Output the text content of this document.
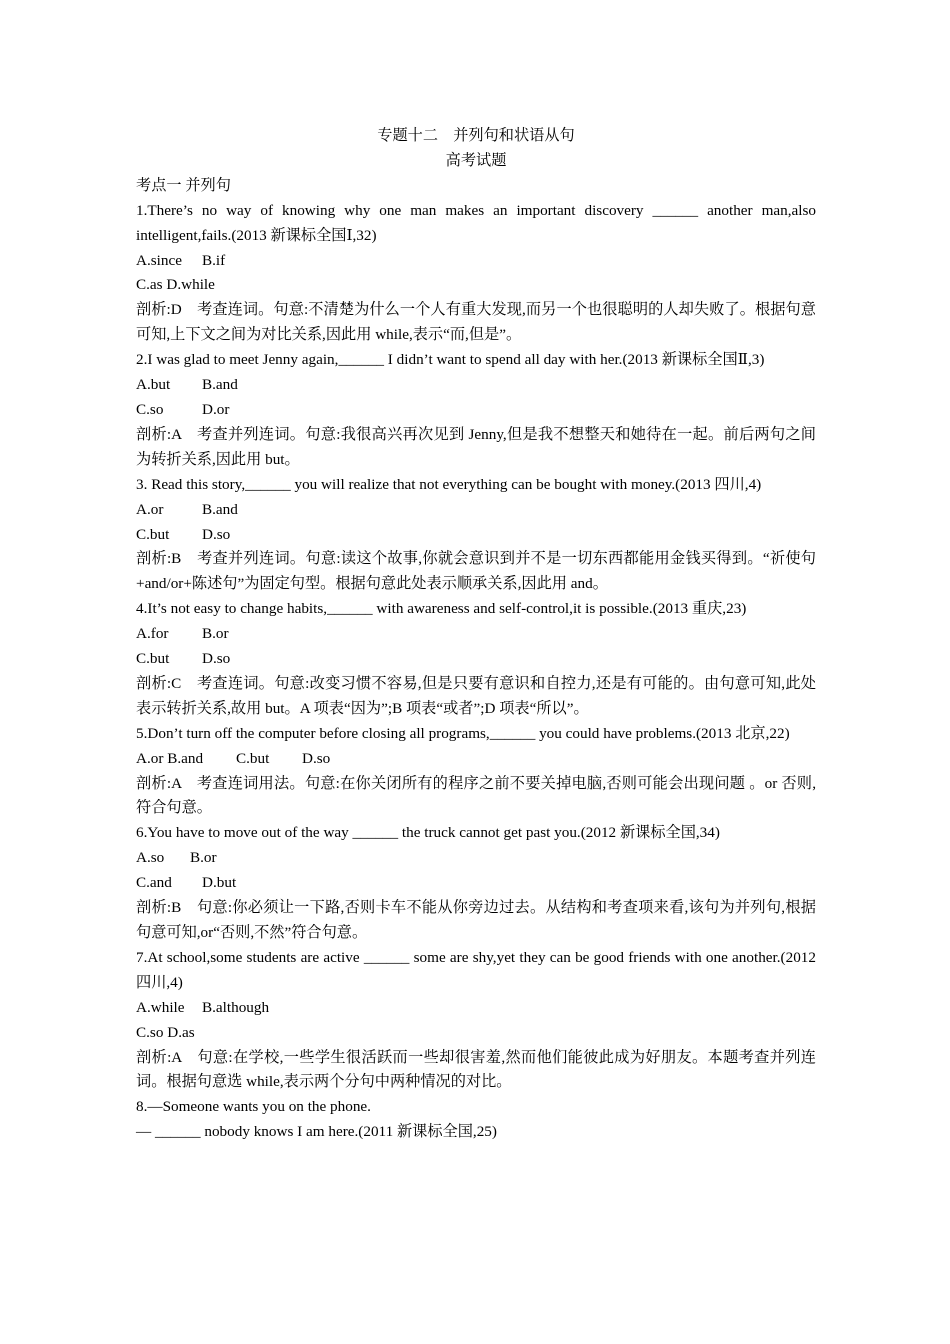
专题十二　并列句和状语从句

高考试题

考点一 并列句

1.There’s no way of knowing why one man makes an important discovery ______ another man,also intelligent,fails.(2013 新课标全国Ⅰ,32)

A.since B.if

C.as D.while

剖析:D　考查连词。句意:不清楚为什么一个人有重大发现,而另一个也很聪明的人却失败了。根据句意可知,上下文之间为对比关系,因此用 while,表示“而,但是”。

2.I was glad to meet Jenny again,______ I didn’t want to spend all day with her.(2013 新课标全国Ⅱ,3)

A.but B.and

C.so	D.or

剖析:A　考查并列连词。句意:我很高兴再次见到 Jenny,但是我不想整天和她待在一起。前后两句之间为转折关系,因此用 but。

3. Read this story,______ you will realize that not everything can be bought with money.(2013 四川,4)

A.or	B.and

C.but D.so

剖析:B　考查并列连词。句意:读这个故事,你就会意识到并不是一切东西都能用金钱买得到。“祈使句+and/or+陈述句”为固定句型。根据句意此处表示顺承关系,因此用 and。

4.It’s not easy to change habits,______ with awareness and self-control,it is possible.(2013 重庆,23)

A.for B.or

C.but D.so

剖析:C　考查连词。句意:改变习惯不容易,但是只要有意识和自控力,还是有可能的。由句意可知,此处表示转折关系,故用 but。A 项表“因为”;B 项表“或者”;D 项表“所以”。

5.Don’t turn off the computer before closing all programs,______ you could have problems.(2013 北京,22)

A.or B.and C.but D.so

剖析:A　考查连词用法。句意:在你关闭所有的程序之前不要关掉电脑,否则可能会出现问题 。or 否则,符合句意。

6.You have to move out of the way ______ the truck cannot get past you.(2012 新课标全国,34)

A.so B.or

C.and D.but

剖析:B　句意:你必须让一下路,否则卡车不能从你旁边过去。从结构和考查项来看,该句为并列句,根据句意可知,or“否则,不然”符合句意。

7.At school,some students are active ______ some are shy,yet they can be good friends with one another.(2012 四川,4)

A.while B.although

C.so D.as

剖析:A　句意:在学校,一些学生很活跃而一些却很害羞,然而他们能彼此成为好朋友。本题考查并列连词。根据句意选 while,表示两个分句中两种情况的对比。

8.—Someone wants you on the phone.

— ______ nobody knows I am here.(2011 新课标全国,25)
